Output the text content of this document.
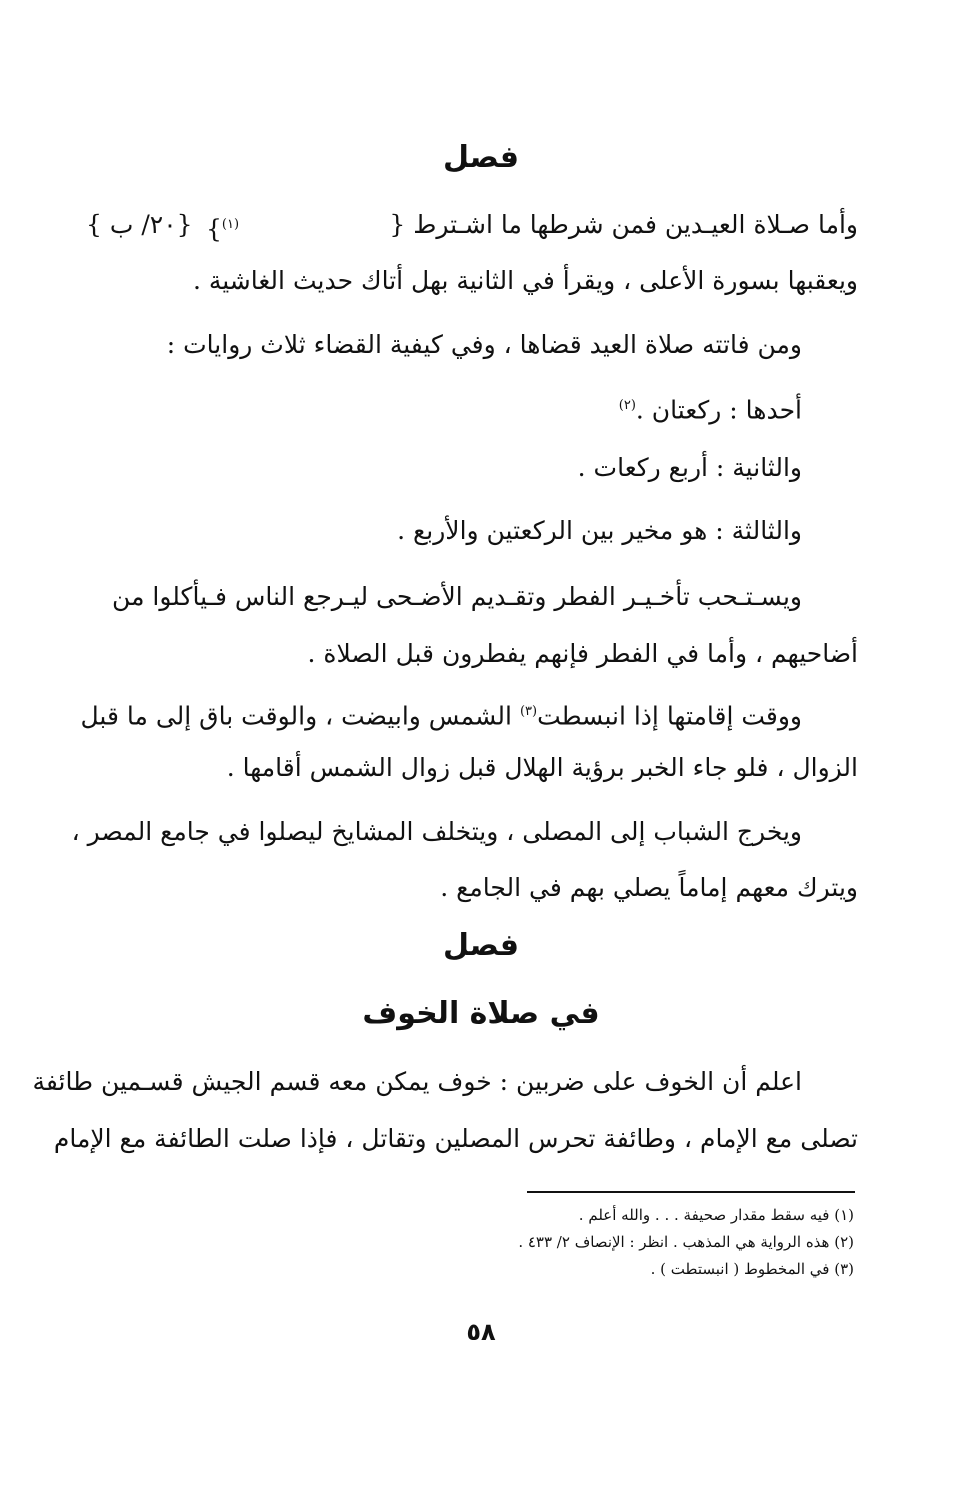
فصل
وأما صـلاة العيـدين فمن شرطها ما اشـترط {
$^{(١)}$}
{٢٠/ ب }
ويعقبها بسورة الأعلى ، ويقرأ في الثانية بهل أتاك حديث الغاشية .
ومن فاتته صلاة العيد قضاها ، وفي كيفية القضاء ثلاث روايات :
أحدها : ركعتان .$^{(٢)}$
والثانية : أربع ركعات .
والثالثة : هو مخير بين الركعتين والأربع .
ويسـتـحب تأخـيـر الفطر وتقـديم الأضـحى ليـرجع الناس فـيأكلوا من
أضاحيهم ، وأما في الفطر فإنهم يفطرون قبل الصلاة .
ووقت إقامتها إذا انبسطت$^{(٣)}$ الشمس وابيضت ، والوقت باق إلى ما قبل
الزوال ، فلو جاء الخبر برؤية الهلال قبل زوال الشمس أقامها .
ويخرج الشباب إلى المصلى ، ويتخلف المشايخ ليصلوا في جامع المصر ،
ويترك معهم إماماً يصلي بهم في الجامع .
فصل
في صلاة الخوف
اعلم أن الخوف على ضربين : خوف يمكن معه قسم الجيش قسـمين طائفة
تصلى مع الإمام ، وطائفة تحرس المصلين وتقاتل ، فإذا صلت الطائفة مع الإمام
(١) فيه سقط مقدار صحيفة . . . والله أعلم .
(٢) هذه الرواية هي المذهب . انظر : الإنصاف ٢/ ٤٣٣ .
(٣) في المخطوط ( انبستطت ) .
٥٨
